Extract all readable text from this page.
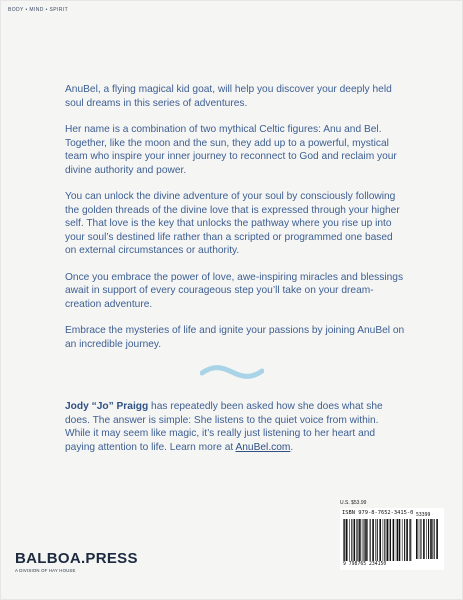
BODY • MIND • SPIRIT

AnuBel, a flying magical kid goat, will help you discover your deeply held soul dreams in this series of adventures.

Her name is a combination of two mythical Celtic figures: Anu and Bel. Together, like the moon and the sun, they add up to a powerful, mystical team who inspire your inner journey to reconnect to God and reclaim your divine authority and power.

You can unlock the divine adventure of your soul by consciously following the golden threads of the divine love that is expressed through your higher self. That love is the key that unlocks the pathway where you rise up into your soul’s destined life rather than a scripted or programmed one based on external circumstances or authority.

Once you embrace the power of love, awe-inspiring miracles and blessings await in support of every courageous step you’ll take on your dream-creation adventure.

Embrace the mysteries of life and ignite your passions by joining AnuBel on an incredible journey.

Jody “Jo” Praigg has repeatedly been asked how she does what she does. The answer is simple: She listens to the quiet voice from within. While it may seem like magic, it’s really just listening to her heart and paying attention to life. Learn more at AnuBel.com.
U.S. $53.99
ISBN 979-8-7652-3415-0
9 798765 234150
53399
BALBOA.PRESS
A DIVISION OF HAY HOUSE
